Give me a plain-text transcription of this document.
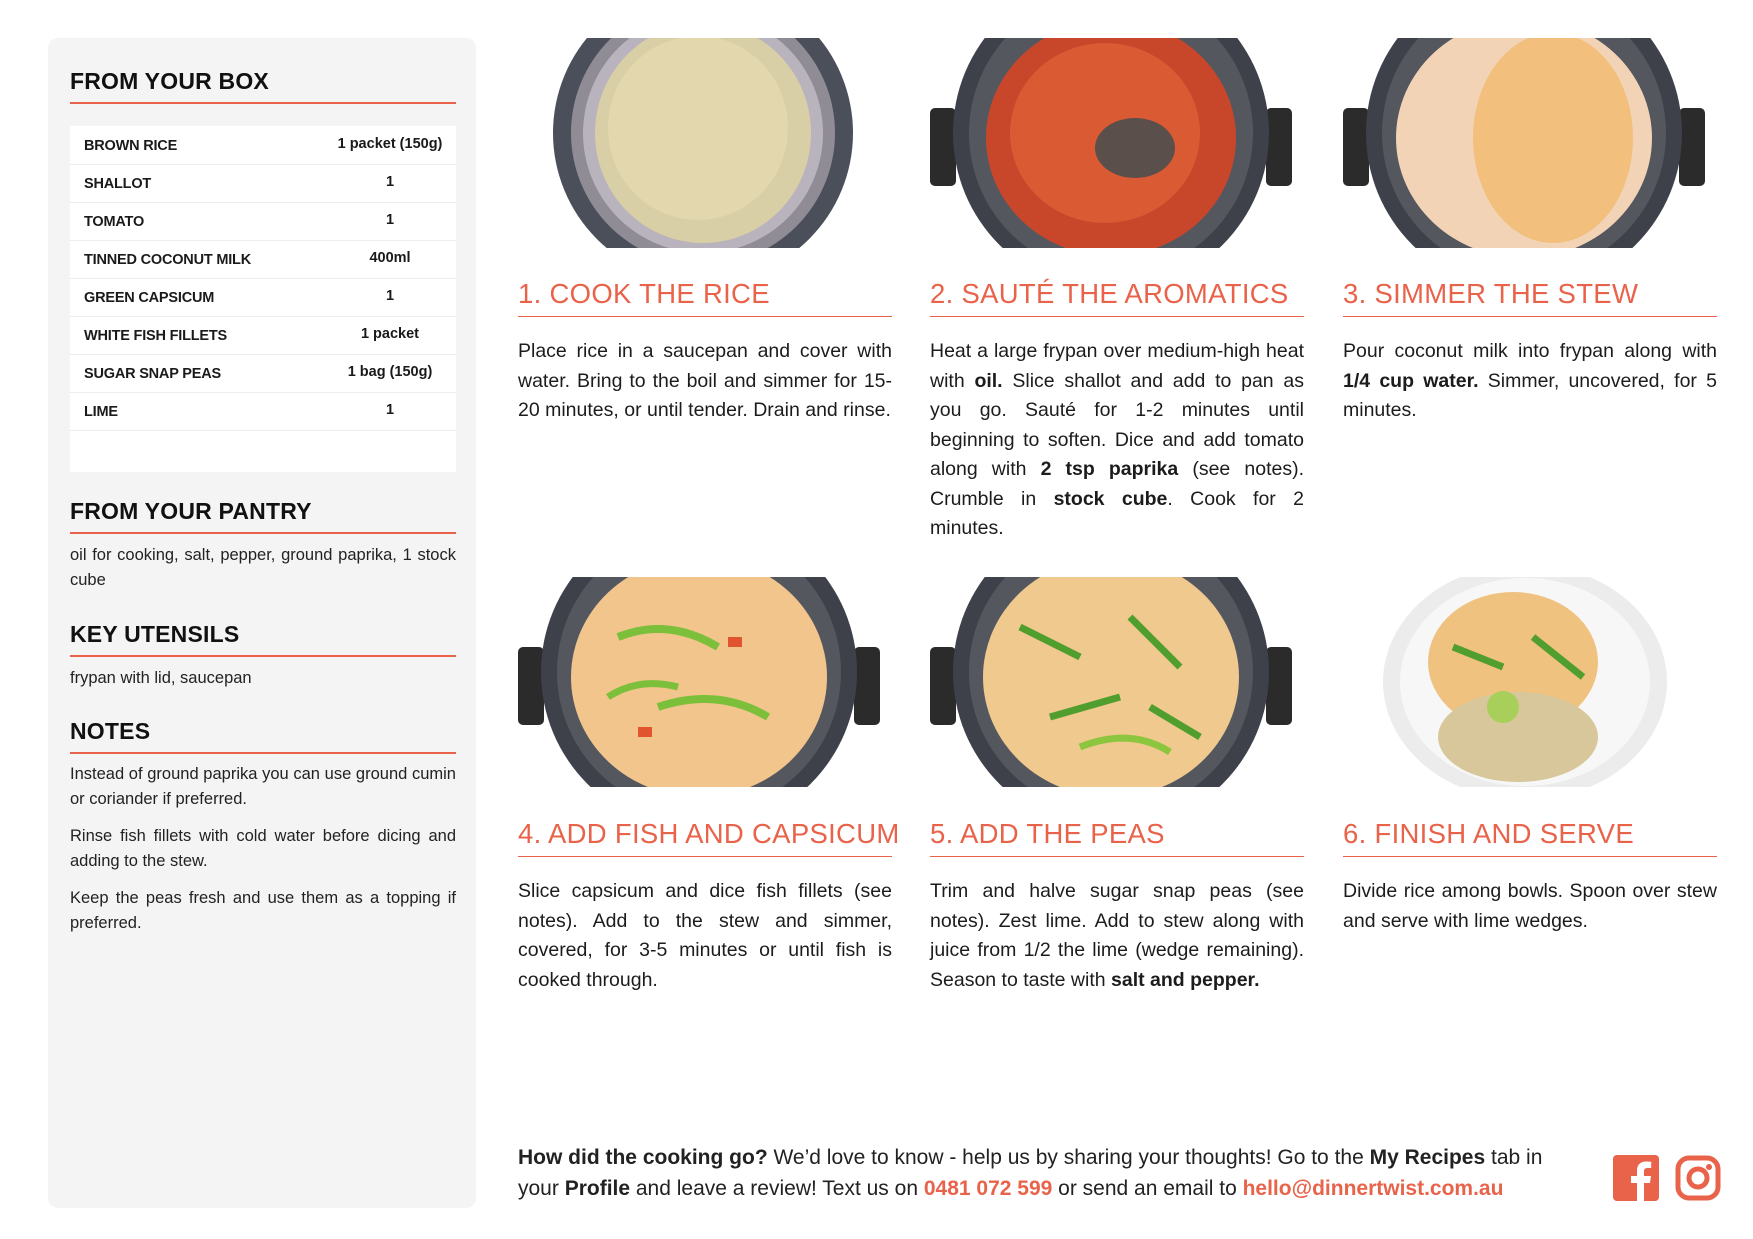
FROM YOUR BOX
BROWN RICE	1 packet (150g)
SHALLOT	1
TOMATO	1
TINNED COCONUT MILK	400ml
GREEN CAPSICUM	1
WHITE FISH FILLETS	1 packet
SUGAR SNAP PEAS	1 bag (150g)
LIME	1
FROM YOUR PANTRY
oil for cooking, salt, pepper, ground paprika, 1 stock cube
KEY UTENSILS
frypan with lid, saucepan
NOTES
Instead of ground paprika you can use ground cumin or coriander if preferred.
Rinse fish fillets with cold water before dicing and adding to the stew.
Keep the peas fresh and use them as a topping if preferred.
1. COOK THE RICE	2. SAUTÉ THE AROMATICS	3. SIMMER THE STEW
4. ADD FISH AND CAPSICUM 5. ADD THE PEAS	6. FINISH AND SERVE
Place rice in a saucepan and cover with water. Bring to the boil and simmer for 15-20 minutes, or until tender. Drain and rinse.
Heat a large frypan over medium-high heat with oil. Slice shallot and add to pan as you go. Sauté for 1-2 minutes until beginning to soften. Dice and add tomato along with 2 tsp paprika (see notes). Crumble in stock cube. Cook for 2 minutes.
Pour coconut milk into frypan along with 1/4 cup water. Simmer, uncovered, for 5 minutes.
Slice capsicum and dice fish fillets (see notes). Add to the stew and simmer, covered, for 3-5 minutes or until fish is cooked through.
Trim and halve sugar snap peas (see notes). Zest lime. Add to stew along with juice from 1/2 the lime (wedge remaining). Season to taste with salt and pepper.
Divide rice among bowls. Spoon over stew and serve with lime wedges.
How did the cooking go? We’d love to know - help us by sharing your thoughts! Go to the My Recipes tab in your Profile and leave a review! Text us on 0481 072 599 or send an email to hello@dinnertwist.com.au
